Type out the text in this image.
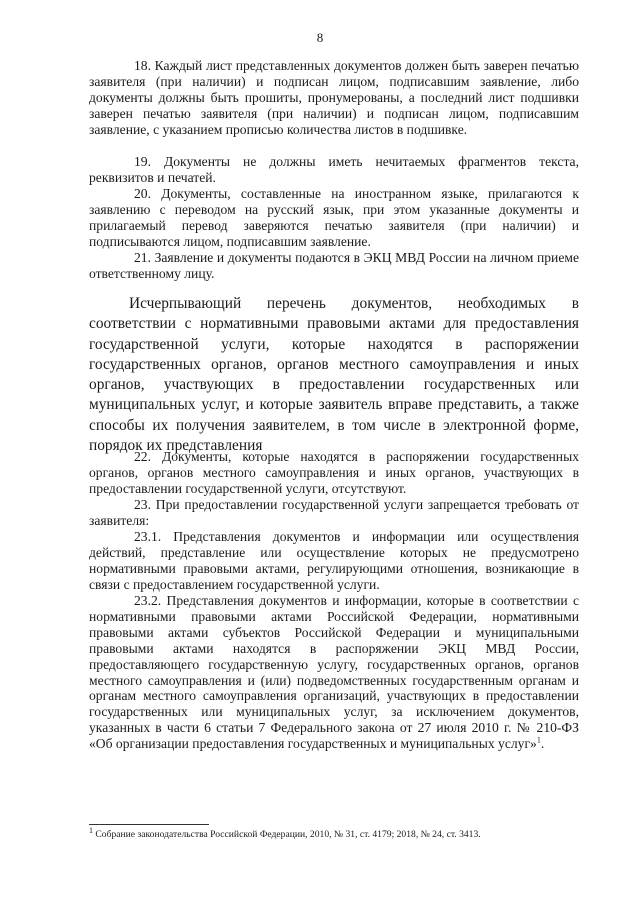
8

18. Каждый лист представленных документов должен быть заверен печатью заявителя (при наличии) и подписан лицом, подписавшим заявление, либо документы должны быть прошиты, пронумерованы, а последний лист подшивки заверен печатью заявителя (при наличии) и подписан лицом, подписавшим заявление, с указанием прописью количества листов в подшивке.

19. Документы не должны иметь нечитаемых фрагментов текста, реквизитов и печатей.

20. Документы, составленные на иностранном языке, прилагаются к заявлению с переводом на русский язык, при этом указанные документы и прилагаемый перевод заверяются печатью заявителя (при наличии) и подписываются лицом, подписавшим заявление.

21. Заявление и документы подаются в ЭКЦ МВД России на личном приеме ответственному лицу.

Исчерпывающий перечень документов, необходимых в соответствии с нормативными правовыми актами для предоставления государственной услуги, которые находятся в распоряжении государственных органов, органов местного самоуправления и иных органов, участвующих в предоставлении государственных или муниципальных услуг, и которые заявитель вправе представить, а также способы их получения заявителем, в том числе в электронной форме, порядок их представления

22. Документы, которые находятся в распоряжении государственных органов, органов местного самоуправления и иных органов, участвующих в предоставлении государственной услуги, отсутствуют.

23. При предоставлении государственной услуги запрещается требовать от заявителя:

23.1. Представления документов и информации или осуществления действий, представление или осуществление которых не предусмотрено нормативными правовыми актами, регулирующими отношения, возникающие в связи с предоставлением государственной услуги.

23.2. Представления документов и информации, которые в соответствии с нормативными правовыми актами Российской Федерации, нормативными правовыми актами субъектов Российской Федерации и муниципальными правовыми актами находятся в распоряжении ЭКЦ МВД России, предоставляющего государственную услугу, государственных органов, органов местного самоуправления и (или) подведомственных государственным органам и органам местного самоуправления организаций, участвующих в предоставлении государственных или муниципальных услуг, за исключением документов, указанных в части 6 статьи 7 Федерального закона от 27 июля 2010 г. № 210-ФЗ «Об организации предоставления государственных и муниципальных услуг»$^1$.

$^1$ Собрание законодательства Российской Федерации, 2010, № 31, ст. 4179; 2018, № 24, ст. 3413.
